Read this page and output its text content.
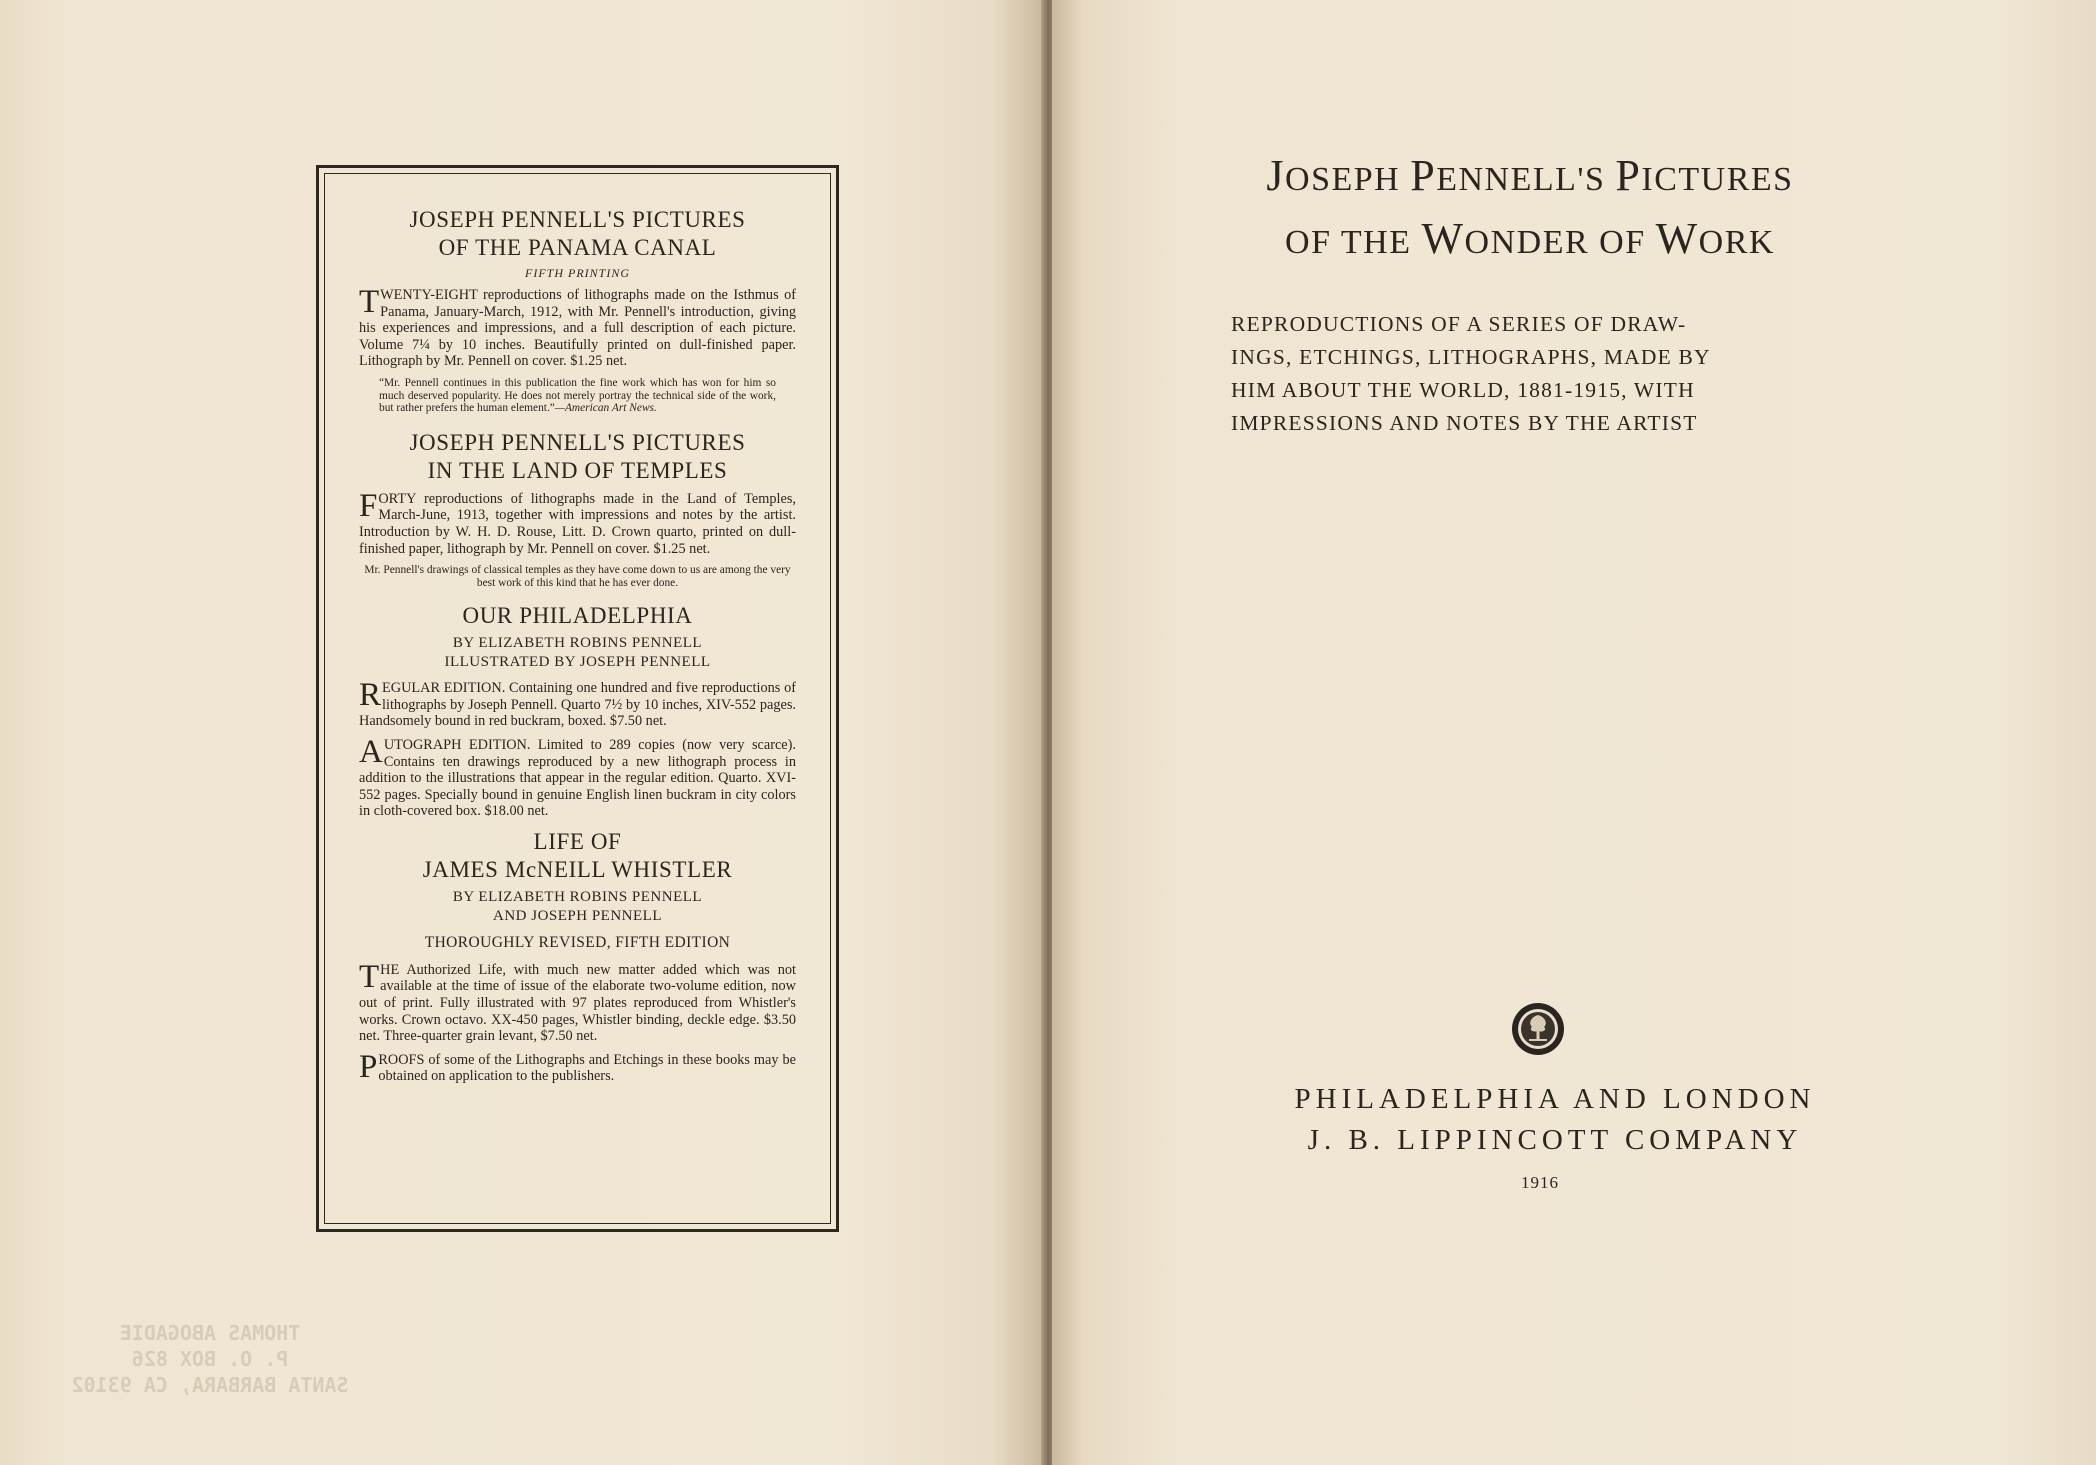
JOSEPH PENNELL'S PICTURES

OF THE PANAMA CANAL

FIFTH PRINTING

TWENTY-EIGHT reproductions of lithographs made on the Isthmus of Panama, January-March, 1912, with Mr. Pennell's introduction, giving his experiences and impressions, and a full description of each picture. Volume 7¼ by 10 inches. Beautifully printed on dull-finished paper. Lithograph by Mr. Pennell on cover. $1.25 net.

“Mr. Pennell continues in this publication the fine work which has won for him so much deserved popularity. He does not merely portray the technical side of the work, but rather prefers the human element.”—American Art News.

JOSEPH PENNELL'S PICTURES

IN THE LAND OF TEMPLES

FORTY reproductions of lithographs made in the Land of Temples, March-June, 1913, together with impressions and notes by the artist. Introduction by W. H. D. Rouse, Litt. D. Crown quarto, printed on dull-finished paper, lithograph by Mr. Pennell on cover. $1.25 net.

Mr. Pennell's drawings of classical temples as they have come down to us are among the very best work of this kind that he has ever done.

OUR PHILADELPHIA

BY ELIZABETH ROBINS PENNELL
ILLUSTRATED BY JOSEPH PENNELL

REGULAR EDITION. Containing one hundred and five reproductions of lithographs by Joseph Pennell. Quarto 7½ by 10 inches, XIV-552 pages. Handsomely bound in red buckram, boxed. $7.50 net.

AUTOGRAPH EDITION. Limited to 289 copies (now very scarce). Contains ten drawings reproduced by a new lithograph process in addition to the illustrations that appear in the regular edition. Quarto. XVI-552 pages. Specially bound in genuine English linen buckram in city colors in cloth-covered box. $18.00 net.

LIFE OF

JAMES McNEILL WHISTLER

BY ELIZABETH ROBINS PENNELL
AND JOSEPH PENNELL

THOROUGHLY REVISED, FIFTH EDITION

THE Authorized Life, with much new matter added which was not available at the time of issue of the elaborate two-volume edition, now out of print. Fully illustrated with 97 plates reproduced from Whistler's works. Crown octavo. XX-450 pages, Whistler binding, deckle edge. $3.50 net. Three-quarter grain levant, $7.50 net.

PROOFS of some of the Lithographs and Etchings in these books may be obtained on application to the publishers.

THOMAS ABOGADIE
P. O. BOX 826
SANTA BARBARA, CA 93102
JOSEPH PENNELL'S PICTURES
OF THE WONDER OF WORK
REPRODUCTIONS OF A SERIES OF DRAW-
INGS, ETCHINGS, LITHOGRAPHS, MADE BY
HIM ABOUT THE WORLD, 1881-1915, WITH
IMPRESSIONS AND NOTES BY THE ARTIST

PHILADELPHIA AND LONDON

J. B. LIPPINCOTT COMPANY

1916
